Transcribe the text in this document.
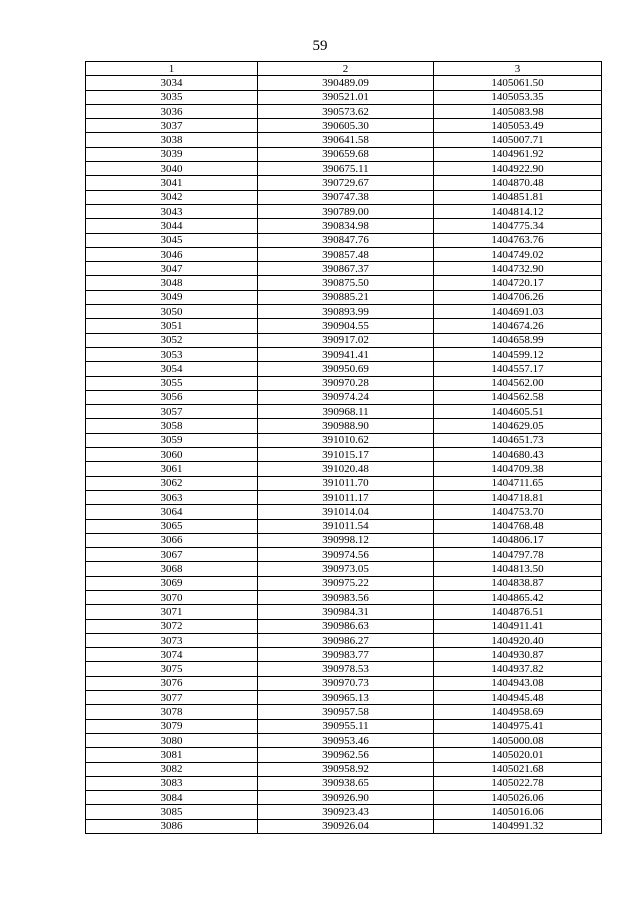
59
1	2	3
3034	390489.09	1405061.50
3035	390521.01	1405053.35
3036	390573.62	1405083.98
3037	390605.30	1405053.49
3038	390641.58	1405007.71
3039	390659.68	1404961.92
3040	390675.11	1404922.90
3041	390729.67	1404870.48
3042	390747.38	1404851.81
3043	390789.00	1404814.12
3044	390834.98	1404775.34
3045	390847.76	1404763.76
3046	390857.48	1404749.02
3047	390867.37	1404732.90
3048	390875.50	1404720.17
3049	390885.21	1404706.26
3050	390893.99	1404691.03
3051	390904.55	1404674.26
3052	390917.02	1404658.99
3053	390941.41	1404599.12
3054	390950.69	1404557.17
3055	390970.28	1404562.00
3056	390974.24	1404562.58
3057	390968.11	1404605.51
3058	390988.90	1404629.05
3059	391010.62	1404651.73
3060	391015.17	1404680.43
3061	391020.48	1404709.38
3062	391011.70	1404711.65
3063	391011.17	1404718.81
3064	391014.04	1404753.70
3065	391011.54	1404768.48
3066	390998.12	1404806.17
3067	390974.56	1404797.78
3068	390973.05	1404813.50
3069	390975.22	1404838.87
3070	390983.56	1404865.42
3071	390984.31	1404876.51
3072	390986.63	1404911.41
3073	390986.27	1404920.40
3074	390983.77	1404930.87
3075	390978.53	1404937.82
3076	390970.73	1404943.08
3077	390965.13	1404945.48
3078	390957.58	1404958.69
3079	390955.11	1404975.41
3080	390953.46	1405000.08
3081	390962.56	1405020.01
3082	390958.92	1405021.68
3083	390938.65	1405022.78
3084	390926.90	1405026.06
3085	390923.43	1405016.06
3086	390926.04	1404991.32
